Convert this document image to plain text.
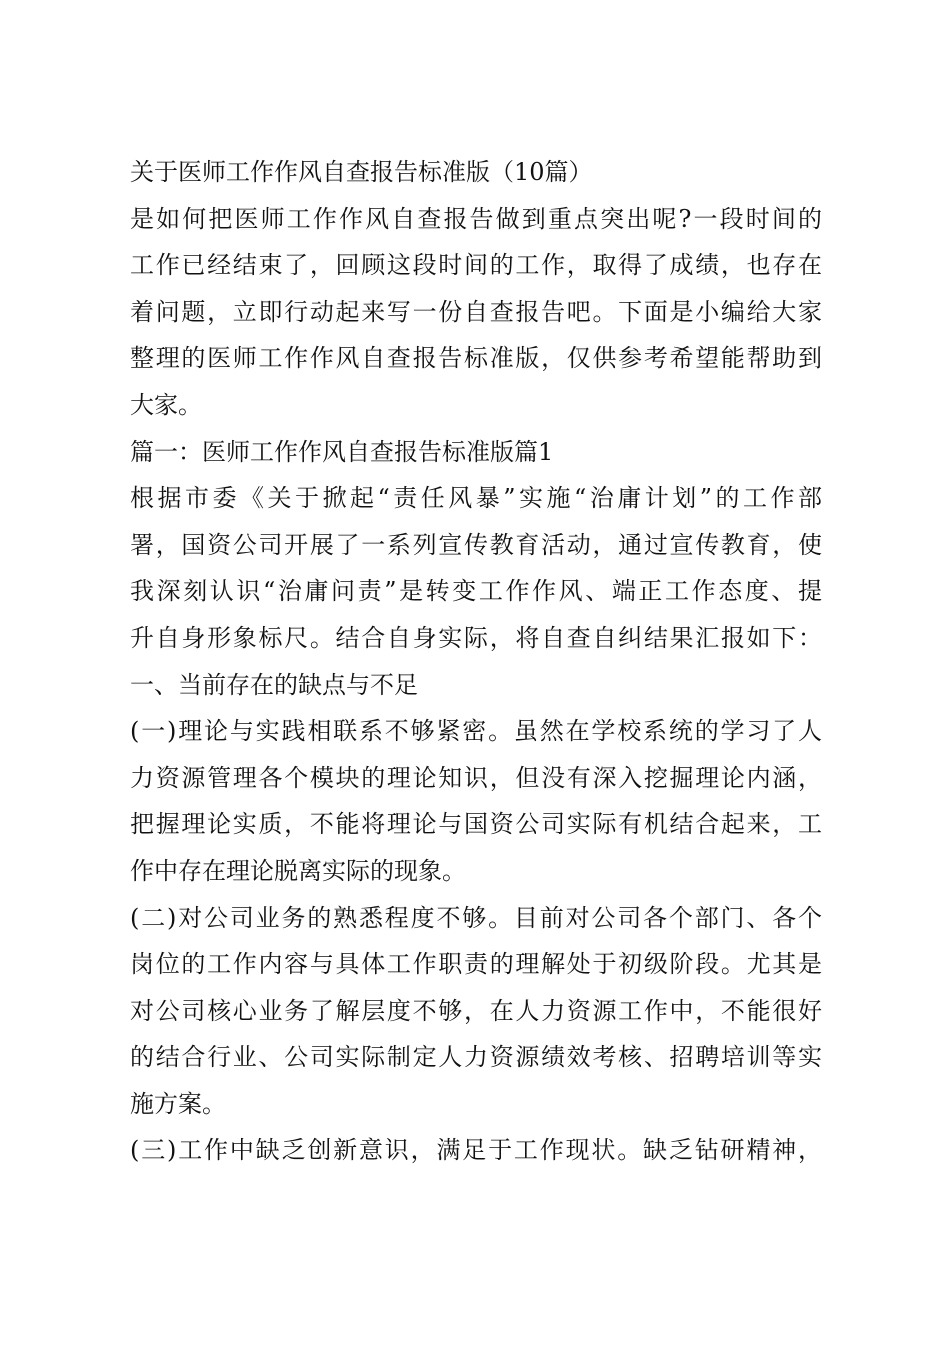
关于医师工作作风自查报告标准版（10篇）
是如何把医师工作作风自查报告做到重点突出呢?一段时间的
工作已经结束了，回顾这段时间的工作，取得了成绩，也存在
着问题，立即行动起来写一份自查报告吧。下面是小编给大家
整理的医师工作作风自查报告标准版，仅供参考希望能帮助到
大家。
篇一：医师工作作风自查报告标准版篇1
根据市委《关于掀起“责任风暴”实施“治庸计划”的工作部
署，国资公司开展了一系列宣传教育活动，通过宣传教育，使
我深刻认识“治庸问责”是转变工作作风、端正工作态度、提
升自身形象标尺。结合自身实际，将自查自纠结果汇报如下：
一、当前存在的缺点与不足
(一)理论与实践相联系不够紧密。虽然在学校系统的学习了人
力资源管理各个模块的理论知识，但没有深入挖掘理论内涵，
把握理论实质，不能将理论与国资公司实际有机结合起来，工
作中存在理论脱离实际的现象。
(二)对公司业务的熟悉程度不够。目前对公司各个部门、各个
岗位的工作内容与具体工作职责的理解处于初级阶段。尤其是
对公司核心业务了解层度不够，在人力资源工作中，不能很好
的结合行业、公司实际制定人力资源绩效考核、招聘培训等实
施方案。
(三)工作中缺乏创新意识，满足于工作现状。缺乏钻研精神，
